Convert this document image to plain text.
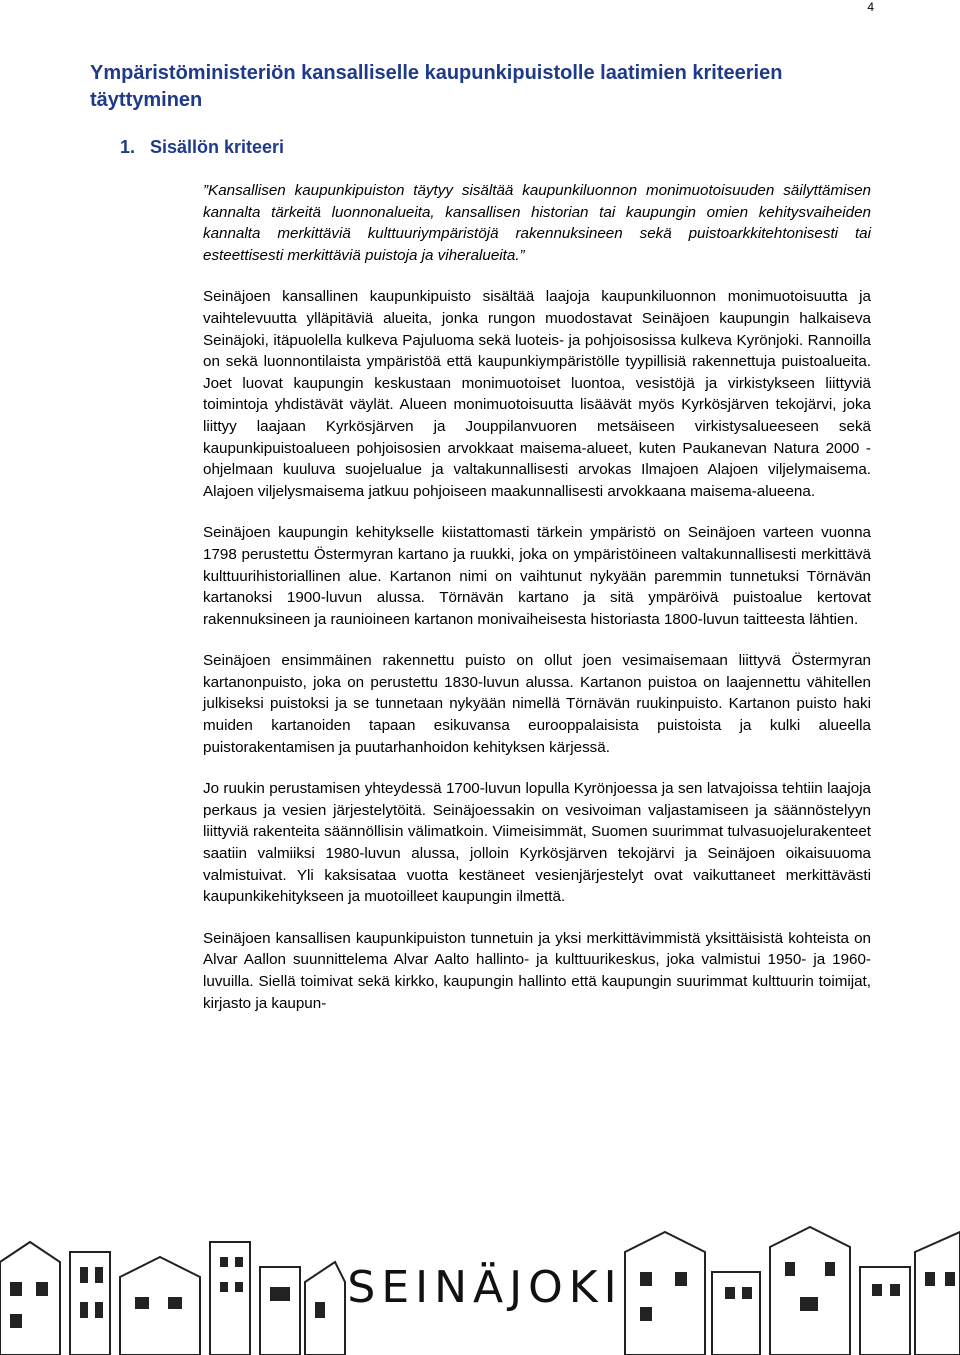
4
Ympäristöministeriön kansalliselle kaupunkipuistolle laatimien kriteerien täyttyminen
1. Sisällön kriteeri

”Kansallisen kaupunkipuiston täytyy sisältää kaupunkiluonnon monimuotoisuuden säilyttämisen kannalta tärkeitä luonnonalueita, kansallisen historian tai kaupungin omien kehitysvaiheiden kannalta merkittäviä kulttuuriympäristöjä rakennuksineen sekä puistoarkkitehtonisesti tai esteettisesti merkittäviä puistoja ja viheralueita.”

Seinäjoen kansallinen kaupunkipuisto sisältää laajoja kaupunkiluonnon monimuotoisuutta ja vaihtelevuutta ylläpitäviä alueita, jonka rungon muodostavat Seinäjoen kaupungin halkaiseva Seinäjoki, itäpuolella kulkeva Pajuluoma sekä luoteis- ja pohjoisosissa kulkeva Kyrönjoki. Rannoilla on sekä luonnontilaista ympäristöä että kaupunkiympäristölle tyypillisiä rakennettuja puistoalueita. Joet luovat kaupungin keskustaan monimuotoiset luontoa, vesistöjä ja virkistykseen liittyviä toimintoja yhdistävät väylät. Alueen monimuotoisuutta lisäävät myös Kyrkösjärven tekojärvi, joka liittyy laajaan Kyrkösjärven ja Jouppilanvuoren metsäiseen virkistysalueeseen sekä kaupunkipuistoalueen pohjoisosien arvokkaat maisema-alueet, kuten Paukanevan Natura 2000 -ohjelmaan kuuluva suojelualue ja valtakunnallisesti arvokas Ilmajoen Alajoen viljelymaisema. Alajoen viljelysmaisema jatkuu pohjoiseen maakunnallisesti arvokkaana maisema-alueena.

Seinäjoen kaupungin kehitykselle kiistattomasti tärkein ympäristö on Seinäjoen varteen vuonna 1798 perustettu Östermyran kartano ja ruukki, joka on ympäristöineen valtakunnallisesti merkittävä kulttuurihistoriallinen alue. Kartanon nimi on vaihtunut nykyään paremmin tunnetuksi Törnävän kartanoksi 1900-luvun alussa. Törnävän kartano ja sitä ympäröivä puistoalue kertovat rakennuksineen ja raunioineen kartanon monivaiheisesta historiasta 1800-luvun taitteesta lähtien.

Seinäjoen ensimmäinen rakennettu puisto on ollut joen vesimaisemaan liittyvä Östermyran kartanonpuisto, joka on perustettu 1830-luvun alussa. Kartanon puistoa on laajennettu vähitellen julkiseksi puistoksi ja se tunnetaan nykyään nimellä Törnävän ruukinpuisto. Kartanon puisto haki muiden kartanoiden tapaan esikuvansa eurooppalaisista puistoista ja kulki alueella puistorakentamisen ja puutarhanhoidon kehityksen kärjessä.

Jo ruukin perustamisen yhteydessä 1700-luvun lopulla Kyrönjoessa ja sen latvajoissa tehtiin laajoja perkaus ja vesien järjestelytöitä. Seinäjoessakin on vesivoiman valjastamiseen ja säännöstelyyn liittyviä rakenteita säännöllisin välimatkoin. Viimeisimmät, Suomen suurimmat tulvasuojelurakenteet saatiin valmiiksi 1980-luvun alussa, jolloin Kyrkösjärven tekojärvi ja Seinäjoen oikaisuuoma valmistuivat. Yli kaksisataa vuotta kestäneet vesienjärjestelyt ovat vaikuttaneet merkittävästi kaupunkikehitykseen ja muotoilleet kaupungin ilmettä.

Seinäjoen kansallisen kaupunkipuiston tunnetuin ja yksi merkittävimmistä yksittäisistä kohteista on Alvar Aallon suunnittelema Alvar Aalto hallinto- ja kulttuurikeskus, joka valmistui 1950- ja 1960-luvuilla. Siellä toimivat sekä kirkko, kaupungin hallinto että kaupungin suurimmat kulttuurin toimijat, kirjasto ja kaupun-

SEINÄJOKI
